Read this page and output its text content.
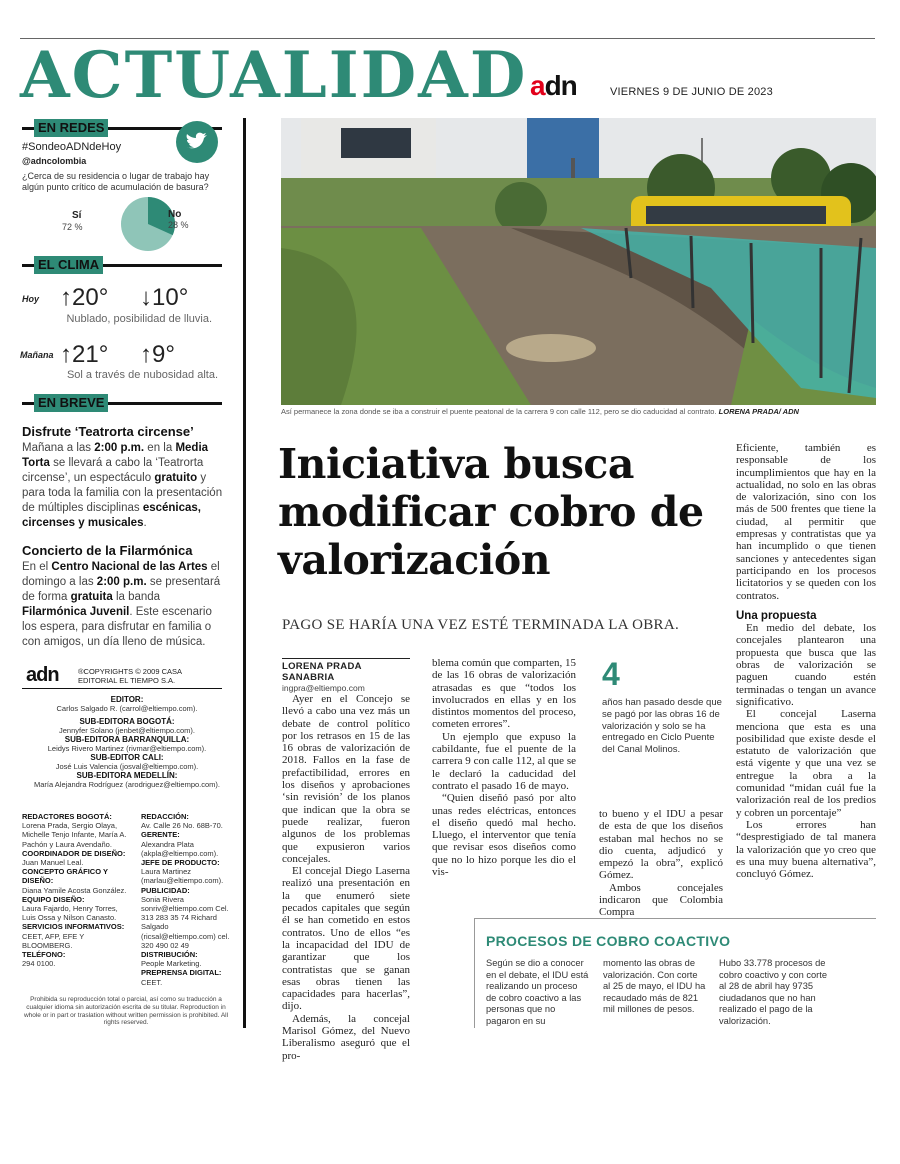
ACTUALIDAD adn	VIERNES 9 DE JUNIO DE 2023
EN REDES
#SondeoADNdeHoy
@adncolombia
¿Cerca de su residencia o lugar de trabajo hay algún punto crítico de acumulación de basura?
Sí
72 %
No
28 %
EL CLIMA
Hoy ↑20° ↓10°
Nublado, posibilidad de lluvia.
Mañana ↑21° ↑9°
Sol a través de nubosidad alta.
EN BREVE
Disfrute ‘Teatrorta circense’
Mañana a las 2:00 p.m. en la Media Torta se llevará a cabo la ‘Teatrorta circense’, un espectáculo gratuito y para toda la familia con la presentación de múltiples disciplinas escénicas, circenses y musicales.
Concierto de la Filarmónica
En el Centro Nacional de las Artes el domingo a las 2:00 p.m. se presentará de forma gratuita la banda Filarmónica Juvenil. Este escenario los espera, para disfrutar en familia o con amigos, un día lleno de música.
adn	®COPYRIGHTS © 2009 CASA
EDITORIAL EL TIEMPO S.A.
EDITOR:
Carlos Salgado R. (carrol@eltiempo.com).
SUB-EDITORA BOGOTÁ:
Jennyfer Solano (jenbet@eltiempo.com).
SUB-EDITORA BARRANQUILLA:
Leidys Rivero Martinez (rivmar@eltiempo.com).
SUB-EDITOR CALI:
José Luis Valencia (josval@eltiempo.com).
SUB-EDITORA MEDELLÍN:
María Alejandra Rodríguez (arodriguez@eltiempo.com).
REDACTORES BOGOTÁ:
Lorena Prada, Sergio Olaya, Michelle Tenjo Infante, María A. Pachón y Laura Avendaño.
COORDINADOR DE DISEÑO:
Juan Manuel Leal.
CONCEPTO GRÁFICO Y DISEÑO:
Diana Yamile Acosta González.
EQUIPO DISEÑO:
Laura Fajardo, Henry Torres, Luis Ossa y Nilson Canasto.
SERVICIOS INFORMATIVOS:
CEET, AFP, EFE Y BLOOMBERG.
TELÉFONO:
294 0100.
REDACCIÓN:
Av. Calle 26 No. 68B-70.
GERENTE:
Alexandra Plata (akpla@eltiempo.com).
JEFE DE PRODUCTO:
Laura Martinez (marlau@eltiempo.com).
PUBLICIDAD:
Sonia Rivera sonriv@eltiempo.com Cel. 313 283 35 74 Richard Salgado (ricsal@eltiempo.com) cel. 320 490 02 49
DISTRIBUCIÓN:
People Marketing.
PREPRENSA DIGITAL:
CEET.
Prohibida su reproducción total o parcial, así como su traducción a cualquier idioma sin autorización escrita de su titular. Reproduction in whole or in part or traslation without written permission is prohibited. All rights reserved.
Así permanece la zona donde se iba a construir el puente peatonal de la carrera 9 con calle 112, pero se dio caducidad al contrato. LORENA PRADA/ ADN
Iniciativa busca modificar cobro de valorización
PAGO SE HARÍA UNA VEZ ESTÉ TERMINADA LA OBRA.
LORENA PRADA SANABRIA
ingpra@eltiempo.com

Ayer en el Concejo se llevó a cabo una vez más un debate de control político por los retrasos en 15 de las 16 obras de valorización de 2018. Fallos en la fase de prefactibilidad, errores en los diseños y aprobaciones ‘sin revisión’ de los planos que indican que la obra se puede realizar, fueron algunos de los problemas que expusieron varios concejales.

El concejal Diego Laserna realizó una presentación en la que enumeró siete pecados capitales que según él se han cometido en estos contratos. Uno de ellos “es la incapacidad del IDU de garantizar que los contratistas que se ganan esas obras tienen las capacidades para hacerlas”, dijo.

Además, la concejal Marisol Gómez, del Nuevo Liberalismo aseguró que el pro-

blema común que comparten, 15 de las 16 obras de valorización atrasadas es que “todos los involucrados en ellas y en los distintos momentos del proceso, cometen errores”.

Un ejemplo que expuso la cabildante, fue el puente de la carrera 9 con calle 112, al que se le declaró la caducidad del contrato el pasado 16 de mayo.

“Quien diseñó pasó por alto unas redes eléctricas, entonces el diseño quedó mal hecho. Lluego, el interventor que tenía que revisar esos diseños como que no lo hizo porque les dio el vis-

4
años han pasado desde que se pagó por las obras 16 de valorización y solo se ha entregado en Ciclo Puente del Canal Molinos.

to bueno y el IDU a pesar de esta de que los diseños estaban mal hechos no se dio cuenta, adjudicó y empezó la obra”, explicó Gómez.

Ambos concejales indicaron que Colombia Compra

Eficiente, también es responsable de los incumplimientos que hay en la actualidad, no solo en las obras de valorización, sino con los más de 500 frentes que tiene la ciudad, al permitir que empresas y contratistas que ya han incumplido o que tienen sanciones y antecedentes sigan participando en los procesos licitatorios y se queden con los contratos.

Una propuesta

En medio del debate, los concejales plantearon una propuesta que busca que las obras de valorización se paguen cuando estén terminadas o tengan un avance significativo.

El concejal Laserna menciona que esta es una posibilidad que existe desde el estatuto de valorización que está vigente y que una vez se entregue la obra a la comunidad “midan cuál fue la valorización real de los predios y cobren un porcentaje”

Los errores han “desprestigiado de tal manera la valorización que yo creo que es una muy buena alternativa”, concluyó Gómez.

PROCESOS DE COBRO COACTIVO
Según se dio a conocer en el debate, el IDU está realizando un proceso de cobro coactivo a las personas que no pagaron en su
momento las obras de valorización. Con corte al 25 de mayo, el IDU ha recaudado más de 821 mil millones de pesos.
Hubo 33.778 procesos de cobro coactivo y con corte al 28 de abril hay 9735 ciudadanos que no han realizado el pago de la valorización.
